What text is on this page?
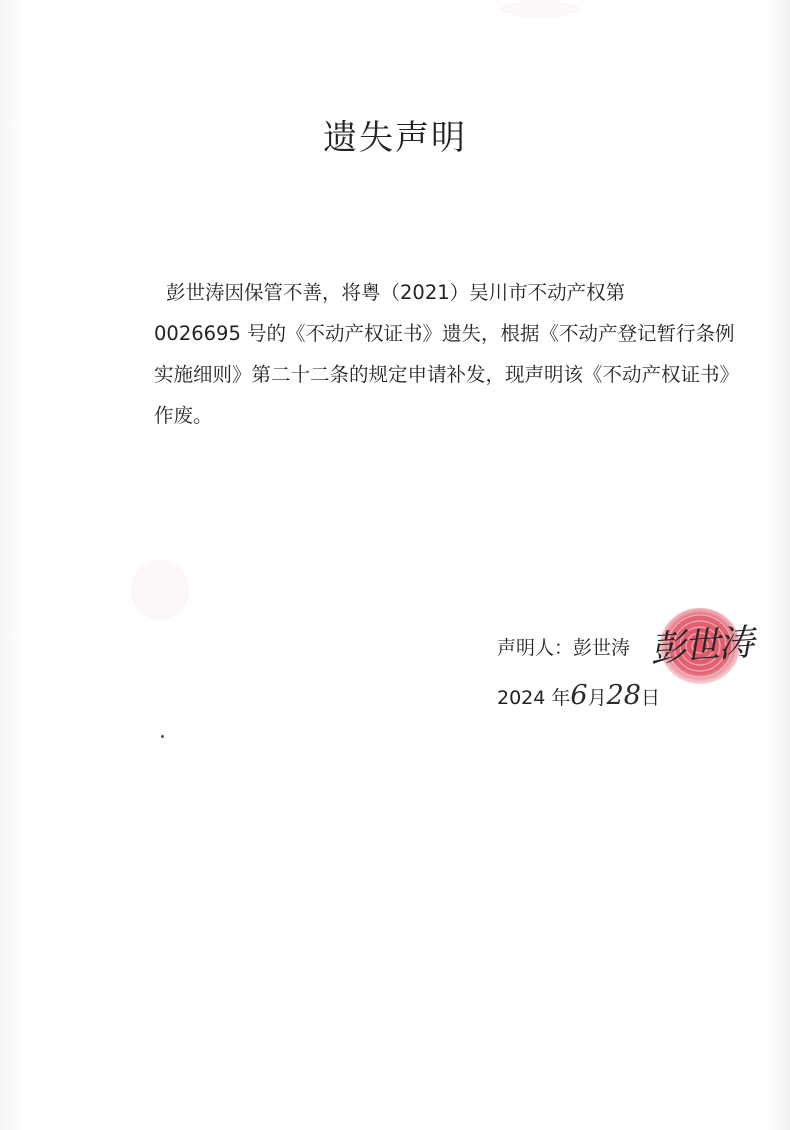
遗失声明

彭世涛因保管不善，将粤（2021）吴川市不动产权第
0026695 号的《不动产权证书》遗失，根据《不动产登记暂行条例
实施细则》第二十二条的规定申请补发，现声明该《不动产权证书》
作废。

声明人：彭世涛 彭世涛
2024 年6月28日
